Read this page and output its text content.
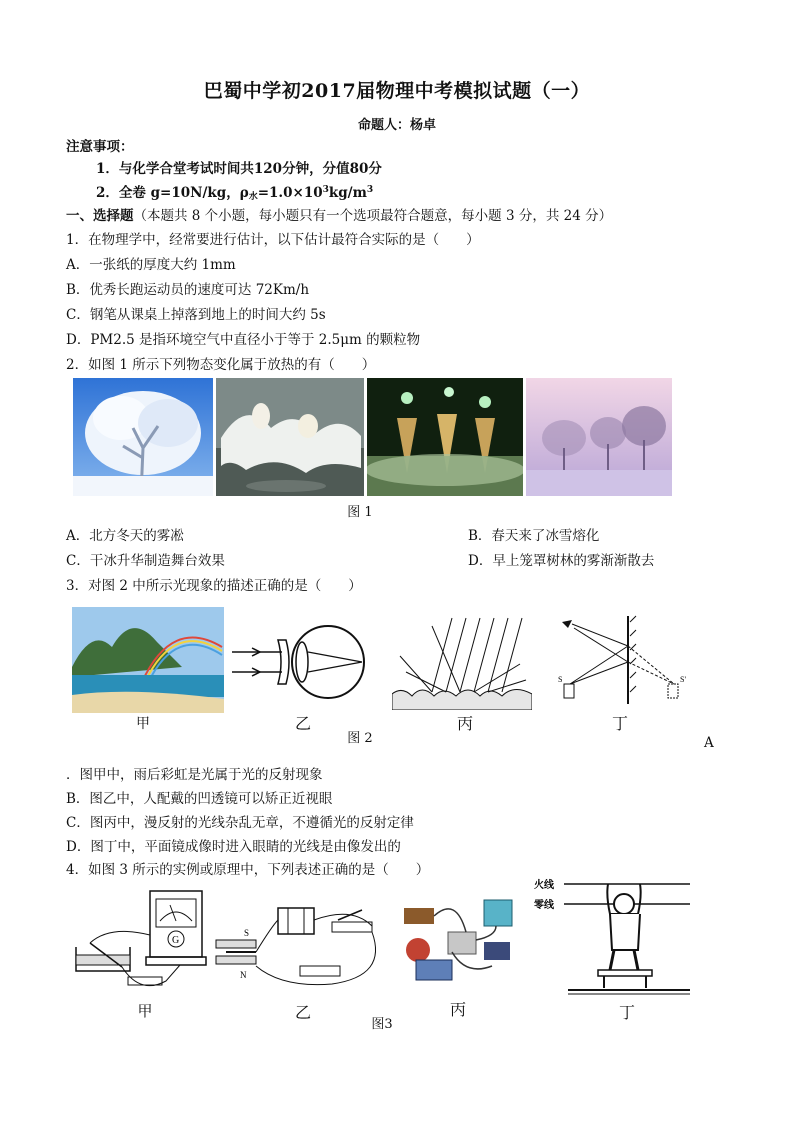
巴蜀中学初2017届物理中考模拟试题（一）
命题人：杨卓
注意事项：
1．与化学合堂考试时间共120分钟，分值80分
2．全卷 g=10N/kg，$\rho_水=1.0\times 10^3kg/m^3$
一、选择题（本题共 8 个小题，每小题只有一个选项最符合题意，每小题 3 分，共 24 分）
1．在物理学中，经常要进行估计，以下估计最符合实际的是（　　）
A．一张纸的厚度大约 1mm
B．优秀长跑运动员的速度可达 72Km/h
C．钢笔从课桌上掉落到地上的时间大约 5s
D．PM2.5 是指环境空气中直径小于等于 2.5μm 的颗粒物
2．如图 1 所示下列物态变化属于放热的有（　　）
图 1
A．北方冬天的雾凇	B．春天来了冰雪熔化
C．干冰升华制造舞台效果	D．早上笼罩树林的雾渐渐散去
3．对图 2 中所示光现象的描述正确的是（　　）
S	S'
甲	乙	丙	丁
图 2	A
．图甲中，雨后彩虹是光属于光的反射现象
B．图乙中，人配戴的凹透镜可以矫正近视眼
C．图丙中，漫反射的光线杂乱无章，不遵循光的反射定律
D．图丁中，平面镜成像时进入眼睛的光线是由像发出的
4．如图 3 所示的实例或原理中，下列表述正确的是（　　）
G
S
N
火线
零线
甲	乙	丙	丁
图3
